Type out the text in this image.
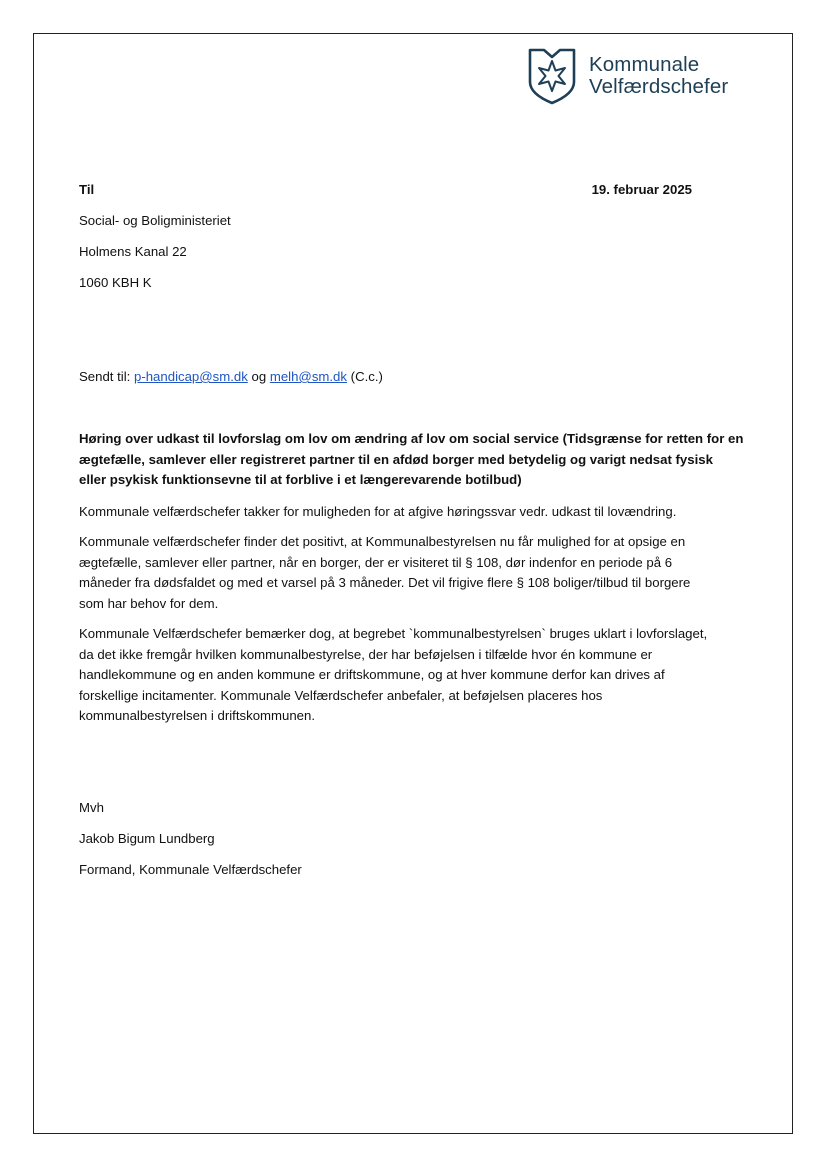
Kommunale
Velfærdschefer
Til	19. februar 2025
Social- og Boligministeriet
Holmens Kanal 22
1060 KBH K
Sendt til: p-handicap@sm.dk og melh@sm.dk (C.c.)
Høring over udkast til lovforslag om lov om ændring af lov om social service (Tidsgrænse for retten for en
ægtefælle, samlever eller registreret partner til en afdød borger med betydelig og varigt nedsat fysisk
eller psykisk funktionsevne til at forblive i et længerevarende botilbud)
Kommunale velfærdschefer takker for muligheden for at afgive høringssvar vedr. udkast til lovændring.
Kommunale velfærdschefer finder det positivt, at Kommunalbestyrelsen nu får mulighed for at opsige en
ægtefælle, samlever eller partner, når en borger, der er visiteret til § 108, dør indenfor en periode på 6
måneder fra dødsfaldet og med et varsel på 3 måneder. Det vil frigive flere § 108 boliger/tilbud til borgere
som har behov for dem.
Kommunale Velfærdschefer bemærker dog, at begrebet `kommunalbestyrelsen` bruges uklart i lovforslaget,
da det ikke fremgår hvilken kommunalbestyrelse, der har beføjelsen i tilfælde hvor én kommune er
handlekommune og en anden kommune er driftskommune, og at hver kommune derfor kan drives af
forskellige incitamenter. Kommunale Velfærdschefer anbefaler, at beføjelsen placeres hos
kommunalbestyrelsen i driftskommunen.
Mvh
Jakob Bigum Lundberg
Formand, Kommunale Velfærdschefer
